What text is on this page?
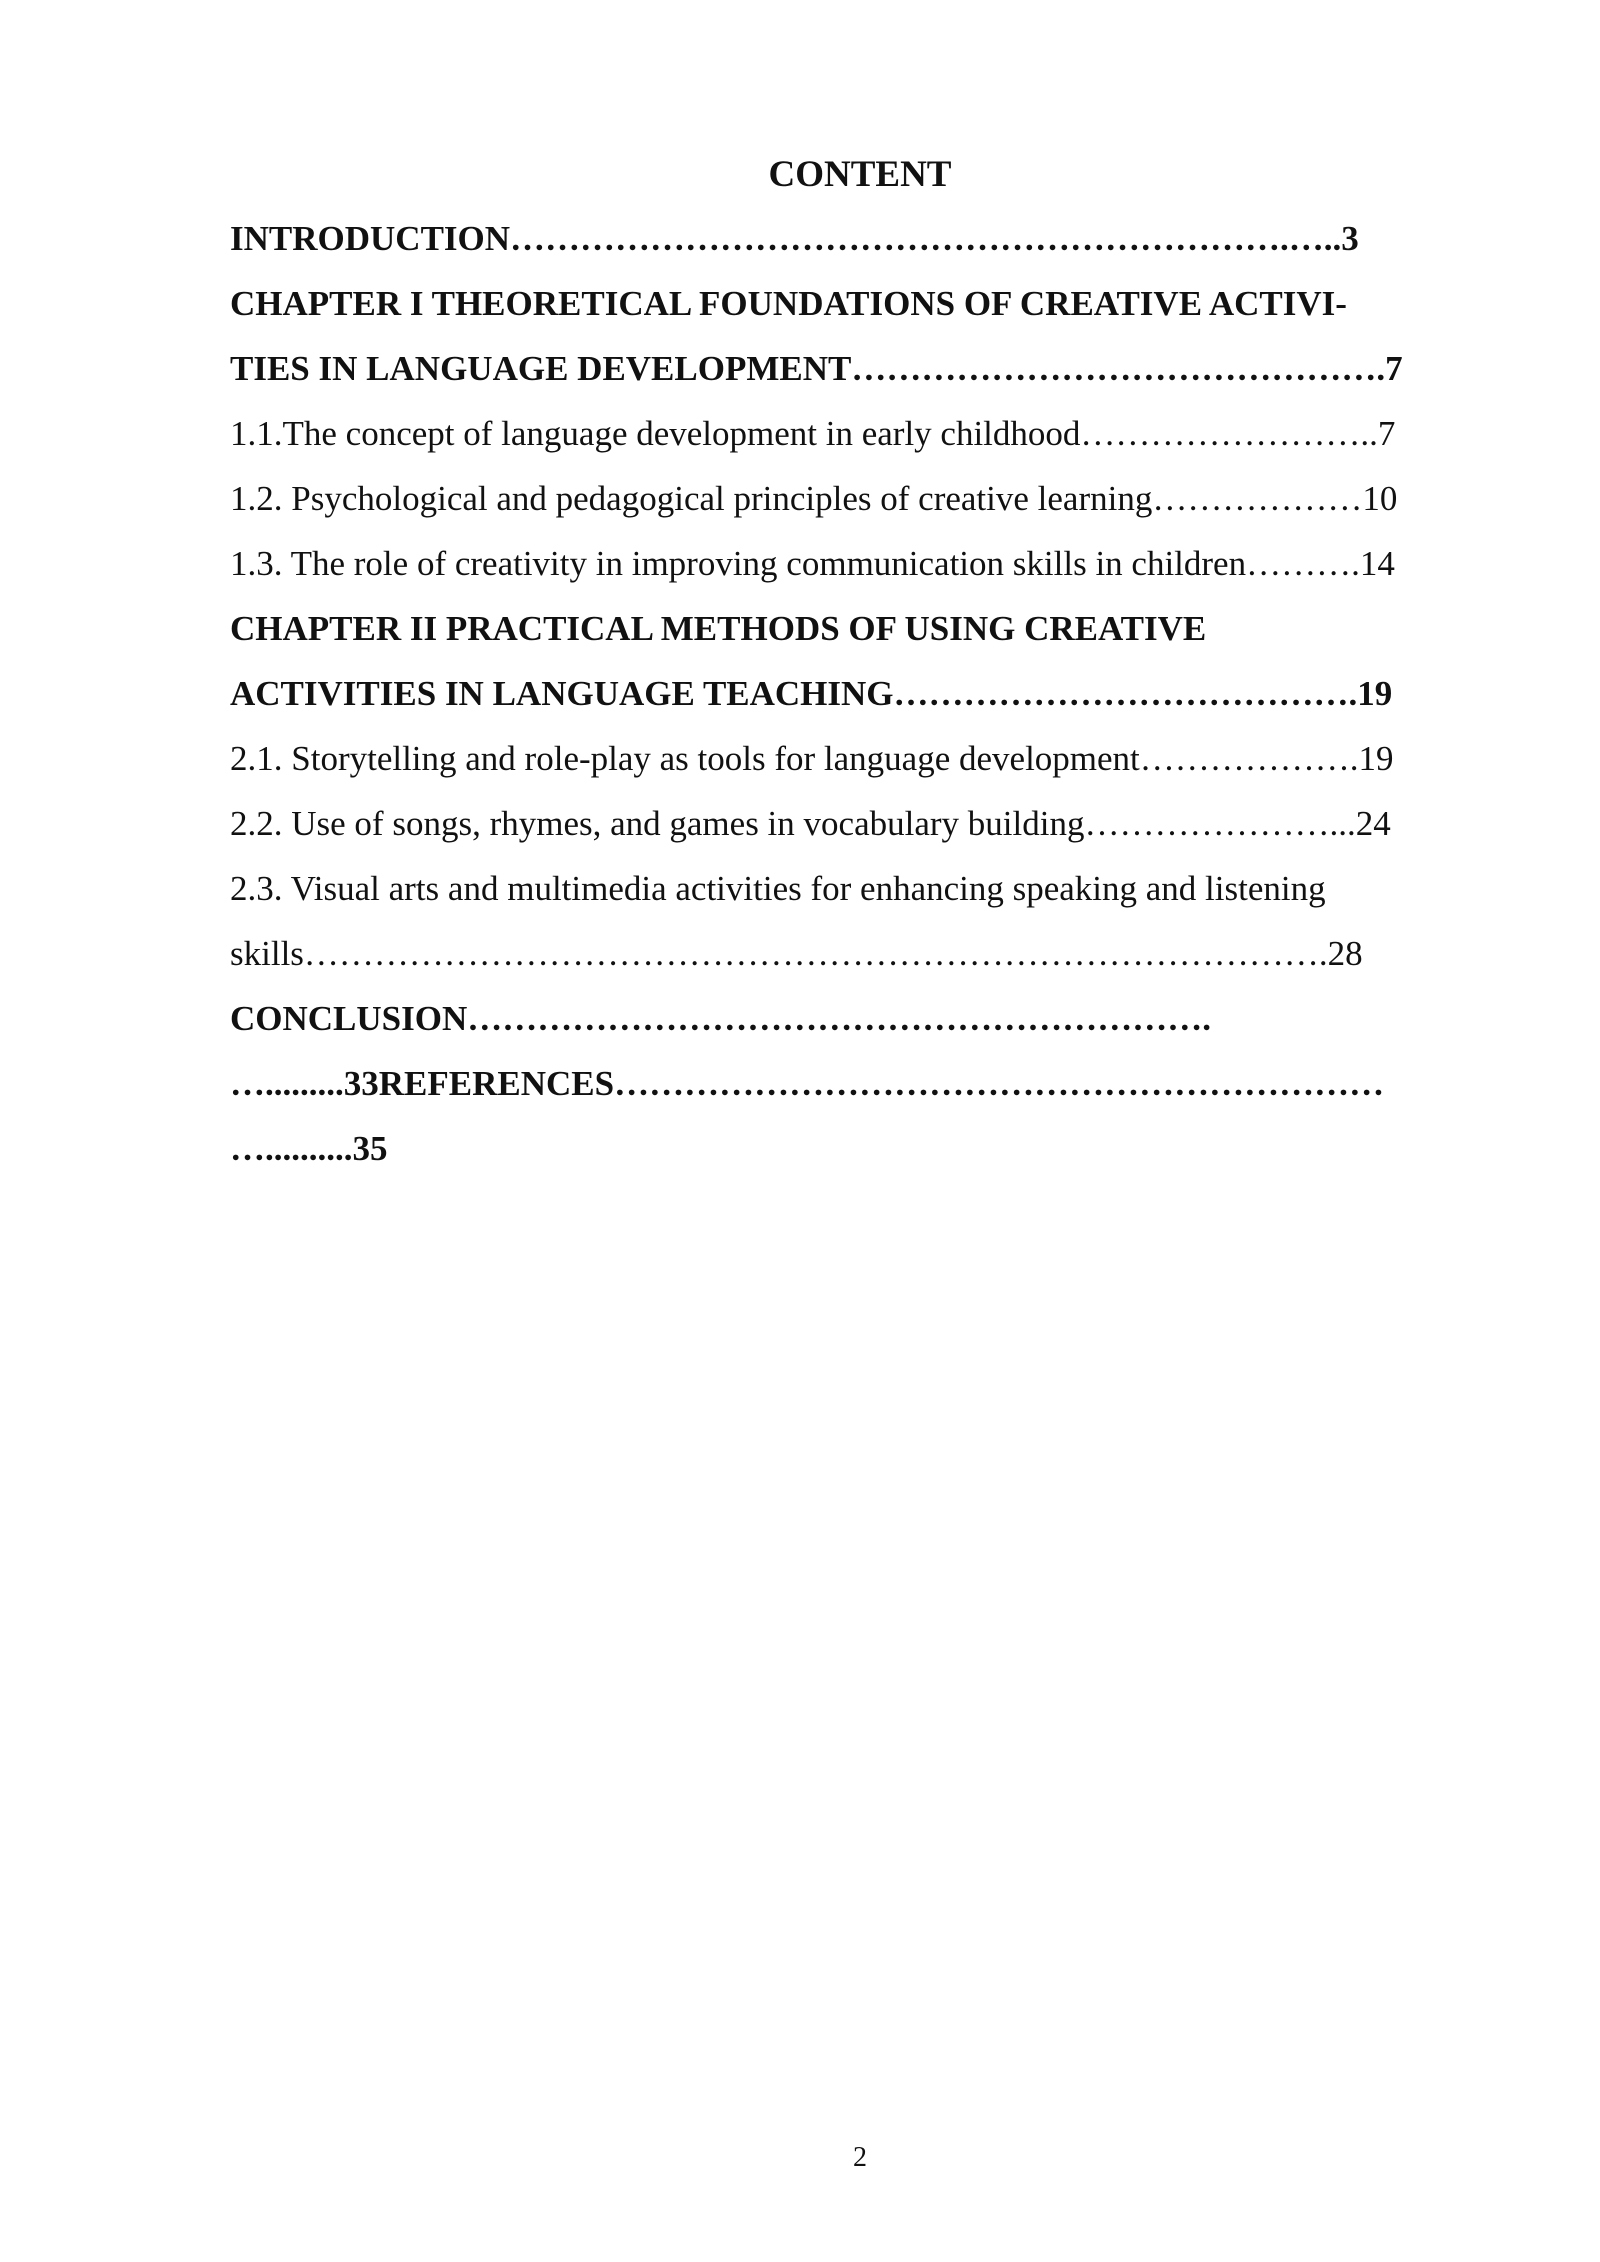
CONTENT
INTRODUCTION………………………………………………………….…..3
CHAPTER I THEORETICAL FOUNDATIONS OF CREATIVE ACTIVI-
TIES IN LANGUAGE DEVELOPMENT……………………………………….7
1.1.The concept of language development in early childhood……………………..7
1.2. Psychological and pedagogical principles of creative learning………………10
1.3. The role of creativity in improving communication skills in children……….14
CHAPTER II PRACTICAL METHODS OF USING CREATIVE
ACTIVITIES IN LANGUAGE TEACHING………………………………….19
2.1. Storytelling and role-play as tools for language development……………….19
2.2. Use of songs, rhymes, and games in vocabulary building…………………...24
2.3. Visual arts and multimedia activities for enhancing speaking and listening
skills…………………………………………………………………………….28
CONCLUSION……………………………………………………….
….........33REFERENCES…………………………………………………………
…..........35
2
